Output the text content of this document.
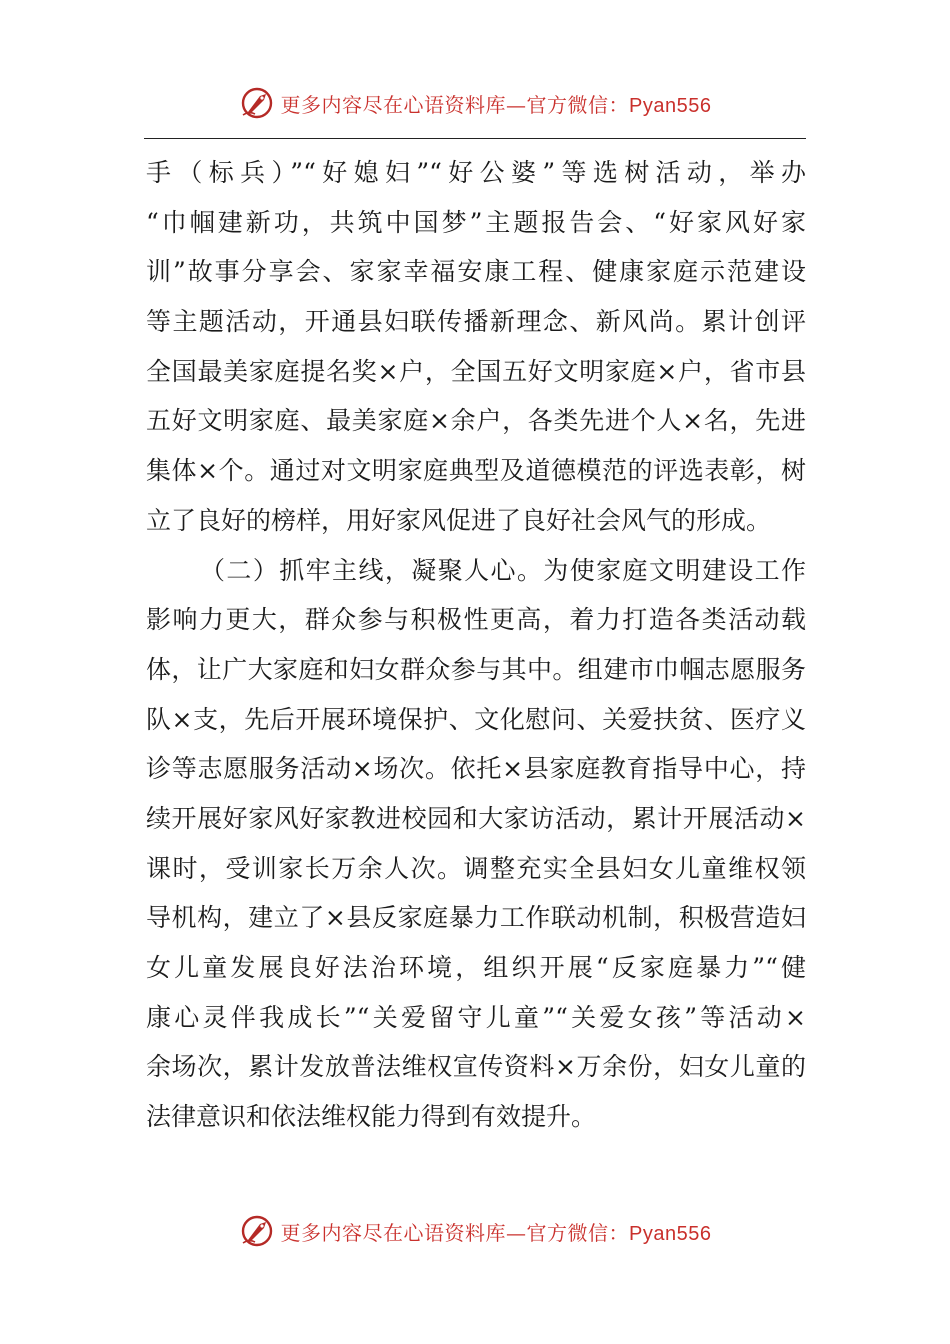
更多内容尽在心语资料库—官方微信：Pyan556
手（标兵）”“好媳妇”“好公婆”等选树活动，举办
“巾帼建新功，共筑中国梦”主题报告会、“好家风好家
训”故事分享会、家家幸福安康工程、健康家庭示范建设
等主题活动，开通县妇联传播新理念、新风尚。累计创评
全国最美家庭提名奖×户，全国五好文明家庭×户，省市县
五好文明家庭、最美家庭×余户，各类先进个人×名，先进
集体×个。通过对文明家庭典型及道德模范的评选表彰，树
立了良好的榜样，用好家风促进了良好社会风气的形成。
（二）抓牢主线，凝聚人心。为使家庭文明建设工作
影响力更大，群众参与积极性更高，着力打造各类活动载
体，让广大家庭和妇女群众参与其中。组建市巾帼志愿服务
队×支，先后开展环境保护、文化慰问、关爱扶贫、医疗义
诊等志愿服务活动×场次。依托×县家庭教育指导中心，持
续开展好家风好家教进校园和大家访活动，累计开展活动×
课时，受训家长万余人次。调整充实全县妇女儿童维权领
导机构，建立了×县反家庭暴力工作联动机制，积极营造妇
女儿童发展良好法治环境，组织开展“反家庭暴力”“健
康心灵伴我成长”“关爱留守儿童”“关爱女孩”等活动×
余场次，累计发放普法维权宣传资料×万余份，妇女儿童的
法律意识和依法维权能力得到有效提升。
更多内容尽在心语资料库—官方微信：Pyan556
